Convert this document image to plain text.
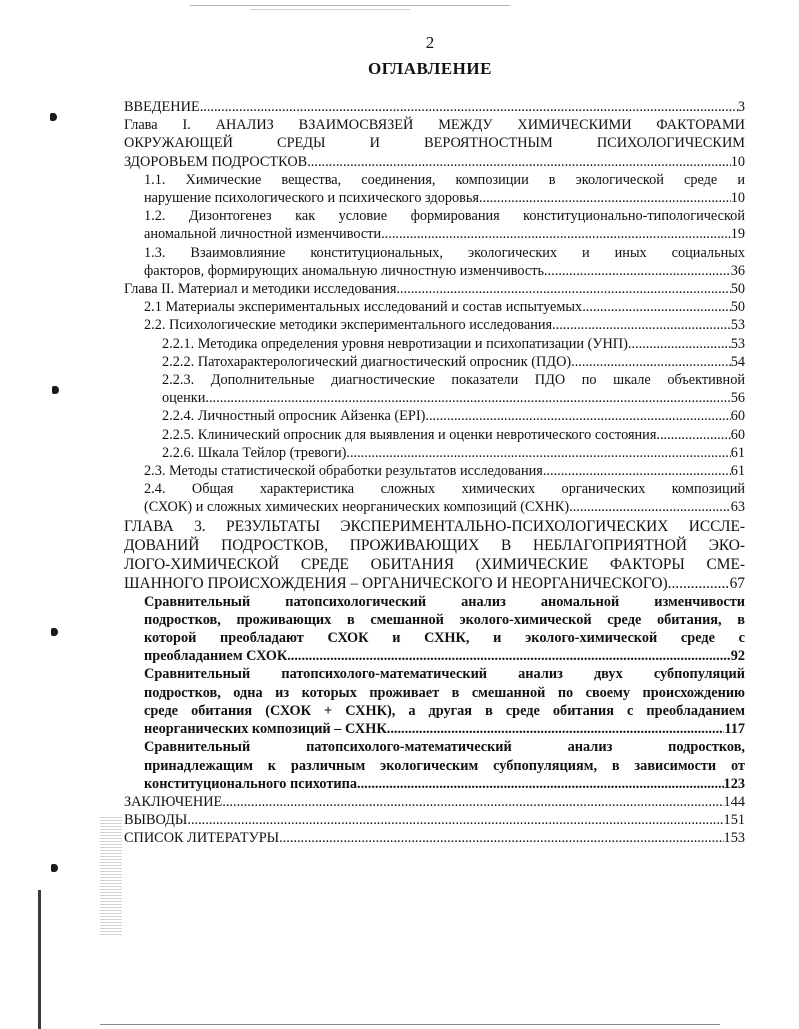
2
ОГЛАВЛЕНИЕ
ВВЕДЕНИЕ .....	3
Глава I. АНАЛИЗ ВЗАИМОСВЯЗЕЙ МЕЖДУ ХИМИЧЕСКИМИ ФАКТОРАМИ
ОКРУЖАЮЩЕЙ СРЕДЫ И ВЕРОЯТНОСТНЫМ ПСИХОЛОГИЧЕСКИМ
ЗДОРОВЬЕМ ПОДРОСТКОВ .....	10
1.1. Химические вещества, соединения, композиции в экологической среде и
нарушение психологического и психического здоровья. .....	10
1.2. Дизонтогенез как условие формирования конституционально-типологической
аномальной личностной изменчивости .....	19
1.3. Взаимовлияние конституциональных, экологических и иных социальных
факторов, формирующих аномальную личностную изменчивость .....	36
Глава II. Материал и методики исследования .....	50
2.1 Материалы экспериментальных исследований и состав испытуемых .....	50
2.2. Психологические методики экспериментального исследования. .....	53
2.2.1. Методика определения уровня невротизации и психопатизации (УНП) .....	53
2.2.2. Патохарактерологический диагностический опросник (ПДО) .....	54
2.2.3. Дополнительные диагностические показатели ПДО по шкале объективной
оценки. .....	56
2.2.4. Личностный опросник Айзенка (EPI) .....	60
2.2.5. Клинический опросник для выявления и оценки невротического состояния .....	60
2.2.6. Шкала Тейлор (тревоги) .....	61
2.3. Методы статистической обработки результатов исследования .....	61
2.4. Общая характеристика сложных химических органических композиций
(СХОК) и сложных химических неорганических композиций (СХНК) .....	63
ГЛАВА 3. РЕЗУЛЬТАТЫ ЭКСПЕРИМЕНТАЛЬНО-ПСИХОЛОГИЧЕСКИХ ИССЛЕ-
ДОВАНИЙ ПОДРОСТКОВ, ПРОЖИВАЮЩИХ В НЕБЛАГОПРИЯТНОЙ ЭКО-
ЛОГО-ХИМИЧЕСКОЙ СРЕДЕ ОБИТАНИЯ (ХИМИЧЕСКИЕ ФАКТОРЫ СМЕ-
ШАННОГО ПРОИСХОЖДЕНИЯ – ОРГАНИЧЕСКОГО И НЕОРГАНИЧЕСКОГО). .....	67
Сравнительный патопсихологический анализ аномальной изменчивости
подростков, проживающих в смешанной эколого-химической среде обитания, в
которой преобладают СХОК и СХНК, и эколого-химической среде с
преобладанием СХОК. .....	92
Сравнительный патопсихолого-математический анализ двух субпопуляций
подростков, одна из которых проживает в смешанной по своему происхождению
среде обитания (СХОК + СХНК), а другая в среде обитания с преобладанием
неорганических композиций – СХНК. .....	117
Сравнительный патопсихолого-математический анализ подростков,
принадлежащим к различным экологическим субпопуляциям, в зависимости от
конституционального психотипа. .....	123
ЗАКЛЮЧЕНИЕ .....	144
ВЫВОДЫ .....	151
СПИСОК ЛИТЕРАТУРЫ .....	153
